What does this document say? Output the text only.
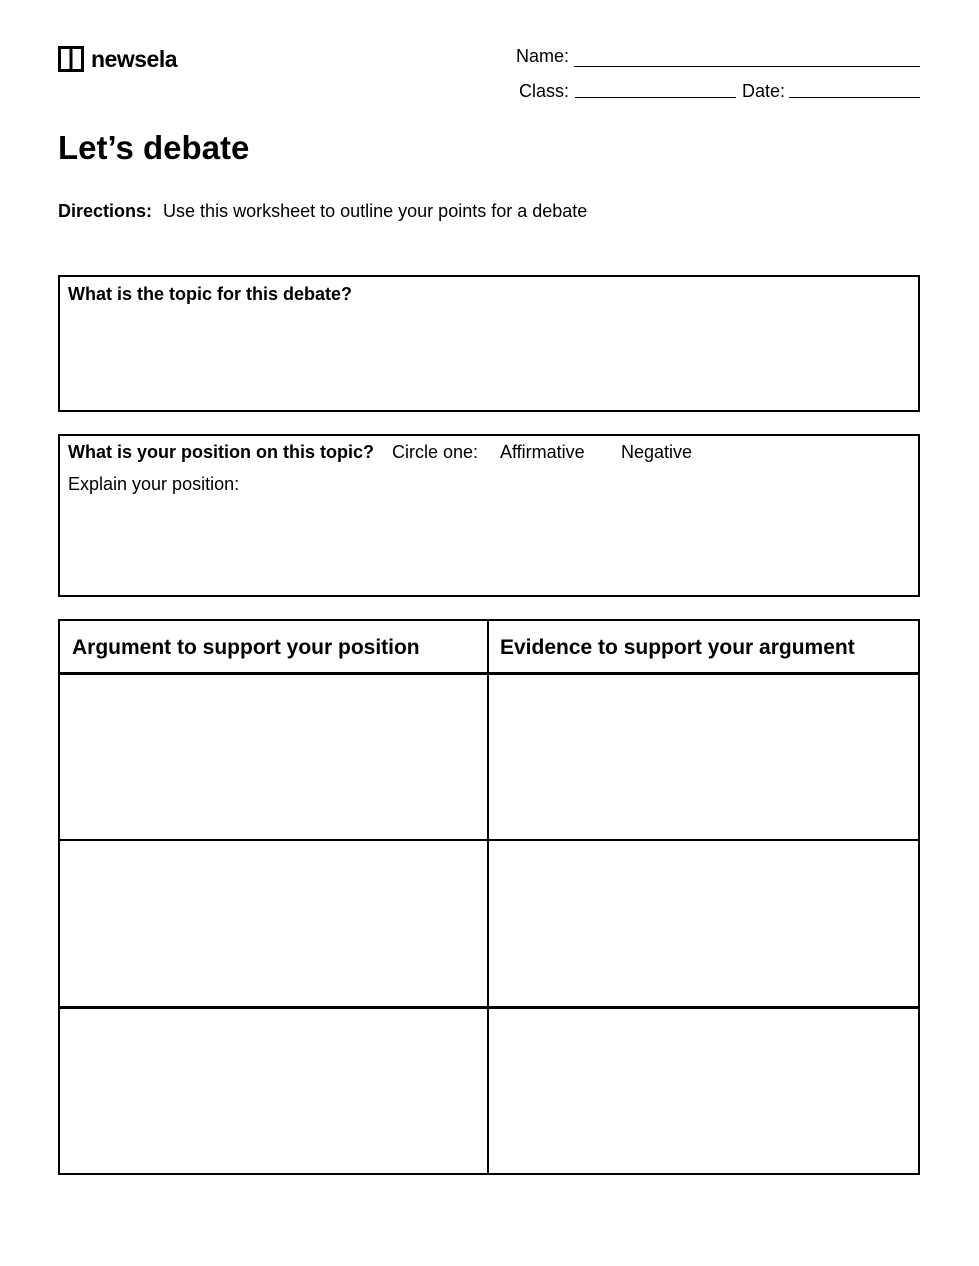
newsela	Name:
Class:	Date:
Let’s debate
Directions: Use this worksheet to outline your points for a debate
What is the topic for this debate?
What is your position on this topic? Circle one: Affirmative Negative
Explain your position:
Argument to support your position	Evidence to support your argument
